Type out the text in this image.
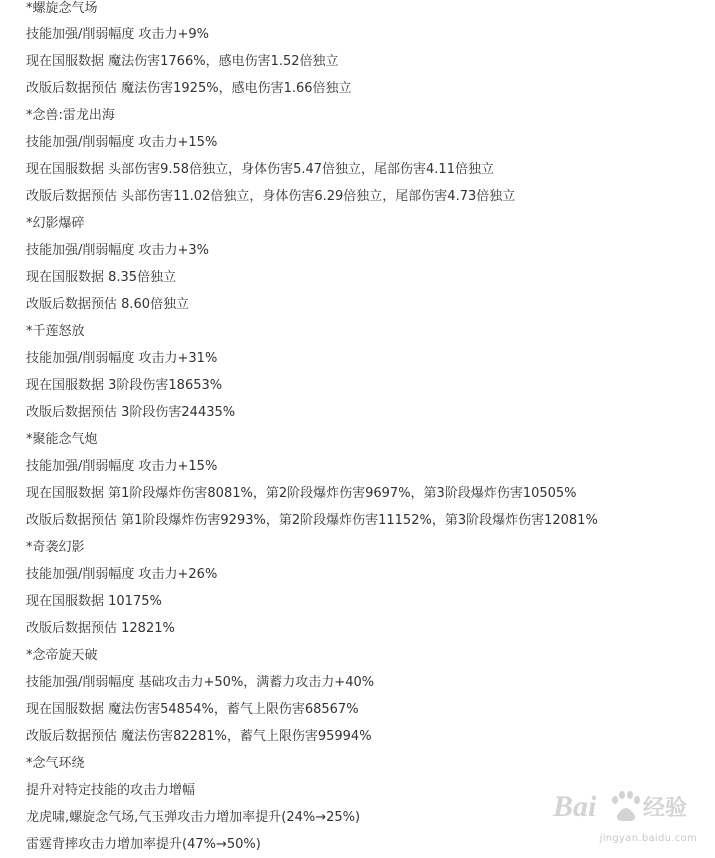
*螺旋念气场
技能加强/削弱幅度 攻击力+9%
现在国服数据 魔法伤害1766%，感电伤害1.52倍独立
改版后数据预估 魔法伤害1925%，感电伤害1.66倍独立
*念兽:雷龙出海
技能加强/削弱幅度 攻击力+15%
现在国服数据 头部伤害9.58倍独立，身体伤害5.47倍独立，尾部伤害4.11倍独立
改版后数据预估 头部伤害11.02倍独立，身体伤害6.29倍独立，尾部伤害4.73倍独立
*幻影爆碎
技能加强/削弱幅度 攻击力+3%
现在国服数据 8.35倍独立
改版后数据预估 8.60倍独立
*千莲怒放
技能加强/削弱幅度 攻击力+31%
现在国服数据 3阶段伤害18653%
改版后数据预估 3阶段伤害24435%
*聚能念气炮
技能加强/削弱幅度 攻击力+15%
现在国服数据 第1阶段爆炸伤害8081%，第2阶段爆炸伤害9697%，第3阶段爆炸伤害10505%
改版后数据预估 第1阶段爆炸伤害9293%，第2阶段爆炸伤害11152%，第3阶段爆炸伤害12081%
*奇袭幻影
技能加强/削弱幅度 攻击力+26%
现在国服数据 10175%
改版后数据预估 12821%
*念帝旋天破
技能加强/削弱幅度 基础攻击力+50%，满蓄力攻击力+40%
现在国服数据 魔法伤害54854%，蓄气上限伤害68567%
改版后数据预估 魔法伤害82281%，蓄气上限伤害95994%
*念气环绕
提升对特定技能的攻击力增幅
龙虎啸,螺旋念气场,气玉弹攻击力增加率提升(24%→25%)
雷霆背摔攻击力增加率提升(47%→50%)
Bai 经验
jingyan.baidu.com
